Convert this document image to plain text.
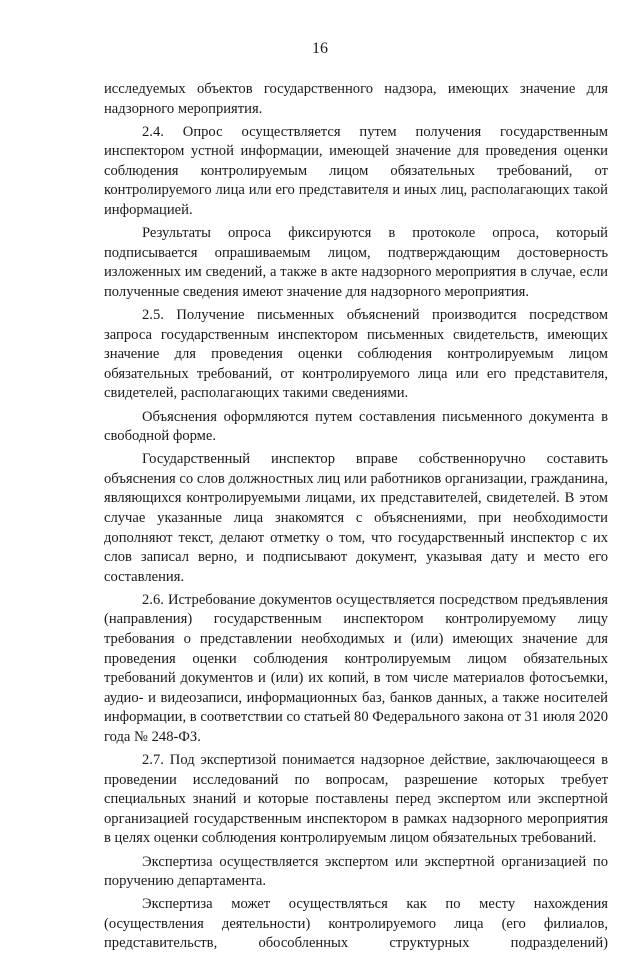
16

исследуемых объектов государственного надзора, имеющих значение для надзорного мероприятия.

2.4. Опрос осуществляется путем получения государственным инспектором устной информации, имеющей значение для проведения оценки соблюдения контролируемым лицом обязательных требований, от контролируемого лица или его представителя и иных лиц, располагающих такой информацией.

Результаты опроса фиксируются в протоколе опроса, который подписывается опрашиваемым лицом, подтверждающим достоверность изложенных им сведений, а также в акте надзорного мероприятия в случае, если полученные сведения имеют значение для надзорного мероприятия.

2.5. Получение письменных объяснений производится посредством запроса государственным инспектором письменных свидетельств, имеющих значение для проведения оценки соблюдения контролируемым лицом обязательных требований, от контролируемого лица или его представителя, свидетелей, располагающих такими сведениями.

Объяснения оформляются путем составления письменного документа в свободной форме.

Государственный инспектор вправе собственноручно составить объяснения со слов должностных лиц или работников организации, гражданина, являющихся контролируемыми лицами, их представителей, свидетелей. В этом случае указанные лица знакомятся с объяснениями, при необходимости дополняют текст, делают отметку о том, что государственный инспектор с их слов записал верно, и подписывают документ, указывая дату и место его составления.

2.6. Истребование документов осуществляется посредством предъявления (направления) государственным инспектором контролируемому лицу требования о представлении необходимых и (или) имеющих значение для проведения оценки соблюдения контролируемым лицом обязательных требований документов и (или) их копий, в том числе материалов фотосъемки, аудио- и видеозаписи, информационных баз, банков данных, а также носителей информации, в соответствии со статьей 80 Федерального закона от 31 июля 2020 года № 248-ФЗ.

2.7. Под экспертизой понимается надзорное действие, заключающееся в проведении исследований по вопросам, разрешение которых требует специальных знаний и которые поставлены перед экспертом или экспертной организацией государственным инспектором в рамках надзорного мероприятия в целях оценки соблюдения контролируемым лицом обязательных требований.

Экспертиза осуществляется экспертом или экспертной организацией по поручению департамента.

Экспертиза может осуществляться как по месту нахождения (осуществления деятельности) контролируемого лица (его филиалов, представительств, обособленных структурных подразделений)
